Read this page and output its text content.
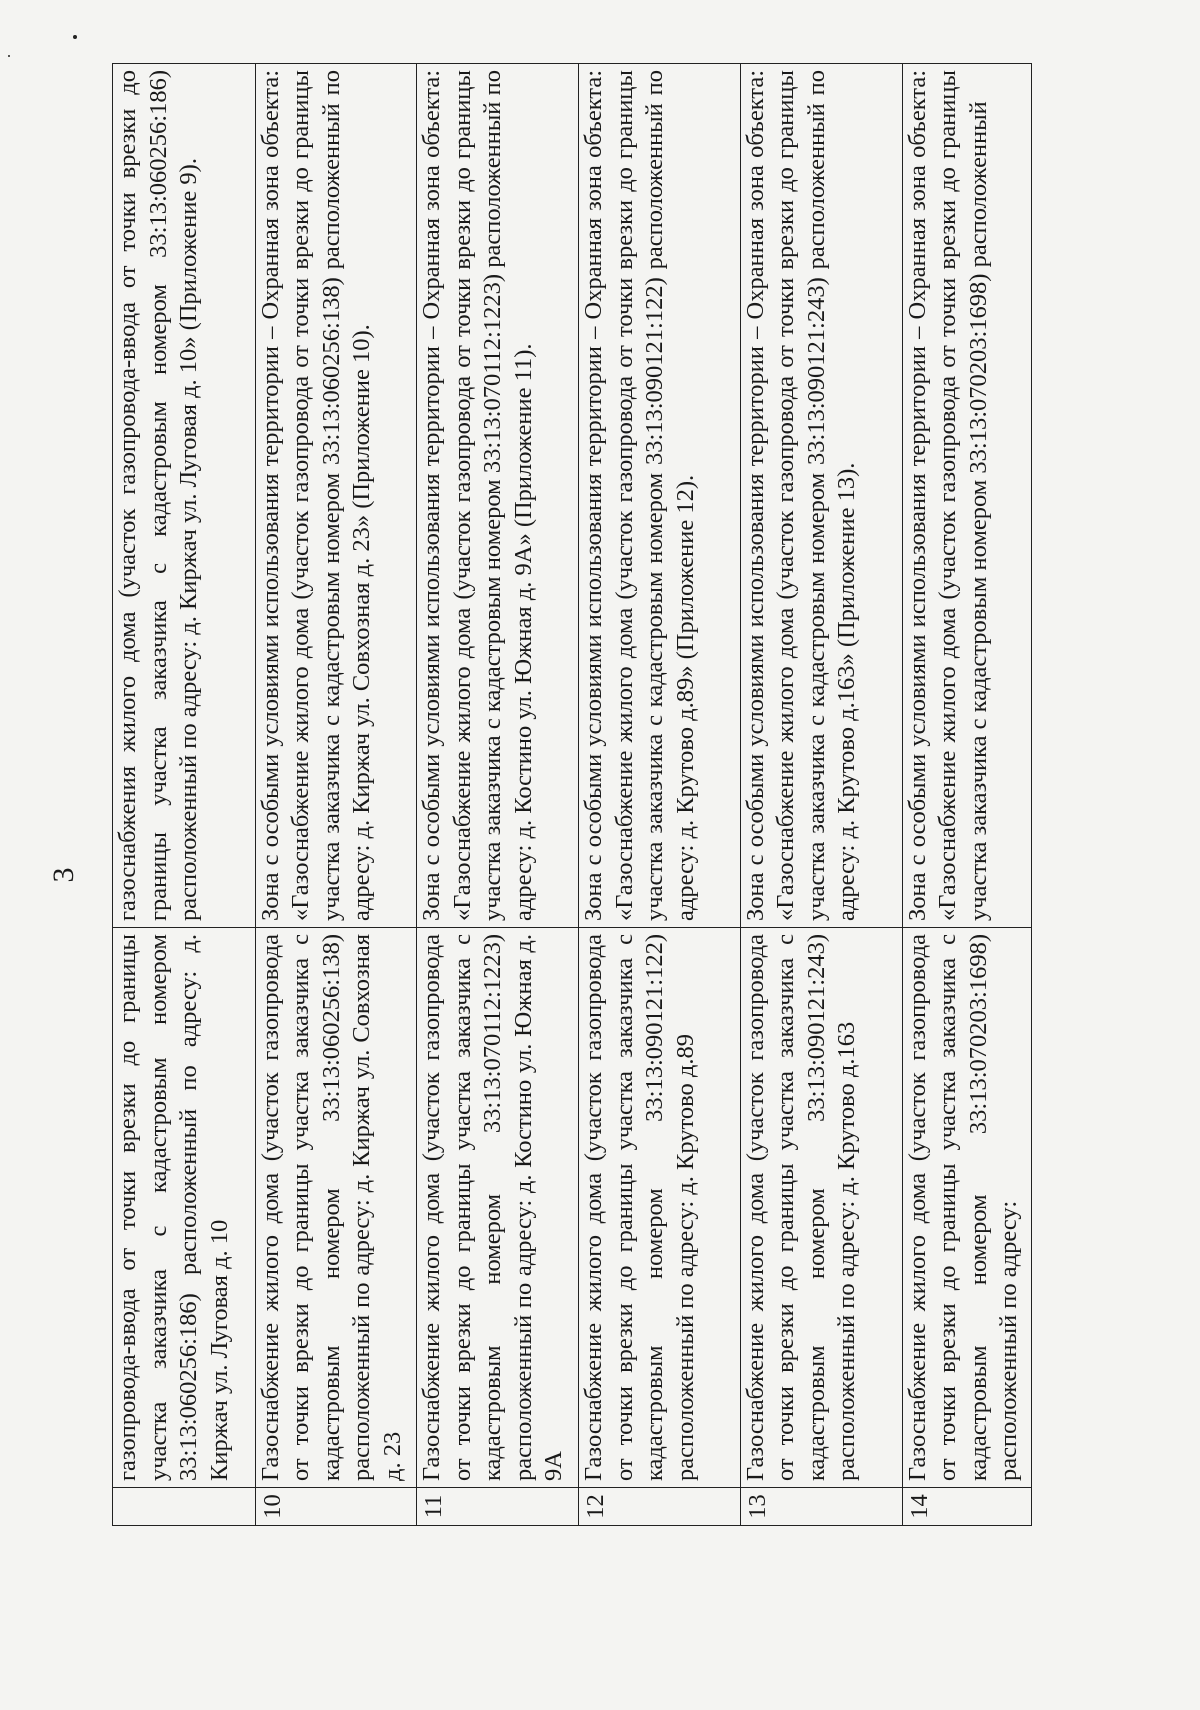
3
	газопровода-ввода от точки врезки до границы участка заказчика с кадастровым номером 33:13:060256:186) расположенный по адресу: д. Киржач ул. Луговая д. 10	газоснабжения жилого дома (участок газопровода-ввода от точки врезки до границы участка заказчика с кадастровым номером 33:13:060256:186) расположенный по адресу: д. Киржач ул. Луговая д. 10» (Приложение 9).
10	Газоснабжение жилого дома (участок газопровода от точки врезки до границы участка заказчика с кадастровым номером 33:13:060256:138) расположенный по адресу: д. Киржач ул. Совхозная д. 23	Зона с особыми условиями использования территории – Охранная зона объекта: «Газоснабжение жилого дома (участок газопровода от точки врезки до границы участка заказчика с кадастровым номером 33:13:060256:138) расположенный по адресу: д. Киржач ул. Совхозная д. 23» (Приложение 10).
11	Газоснабжение жилого дома (участок газопровода от точки врезки до границы участка заказчика с кадастровым номером 33:13:070112:1223) расположенный по адресу: д. Костино ул. Южная д. 9А	Зона с особыми условиями использования территории – Охранная зона объекта: «Газоснабжение жилого дома (участок газопровода от точки врезки до границы участка заказчика с кадастровым номером 33:13:070112:1223) расположенный по адресу: д. Костино ул. Южная д. 9А» (Приложение 11).
12	Газоснабжение жилого дома (участок газопровода от точки врезки до границы участка заказчика с кадастровым номером 33:13:090121:122) расположенный по адресу: д. Крутово д.89	Зона с особыми условиями использования территории – Охранная зона объекта: «Газоснабжение жилого дома (участок газопровода от точки врезки до границы участка заказчика с кадастровым номером 33:13:090121:122) расположенный по адресу: д. Крутово д.89» (Приложение 12).
13	Газоснабжение жилого дома (участок газопровода от точки врезки до границы участка заказчика с кадастровым номером 33:13:090121:243) расположенный по адресу: д. Крутово д.163	Зона с особыми условиями использования территории – Охранная зона объекта: «Газоснабжение жилого дома (участок газопровода от точки врезки до границы участка заказчика с кадастровым номером 33:13:090121:243) расположенный по адресу: д. Крутово д.163» (Приложение 13).
14	Газоснабжение жилого дома (участок газопровода от точки врезки до границы участка заказчика с кадастровым номером 33:13:070203:1698) расположенный по адресу:	Зона с особыми условиями использования территории – Охранная зона объекта: «Газоснабжение жилого дома (участок газопровода от точки врезки до границы участка заказчика с кадастровым номером 33:13:070203:1698) расположенный
